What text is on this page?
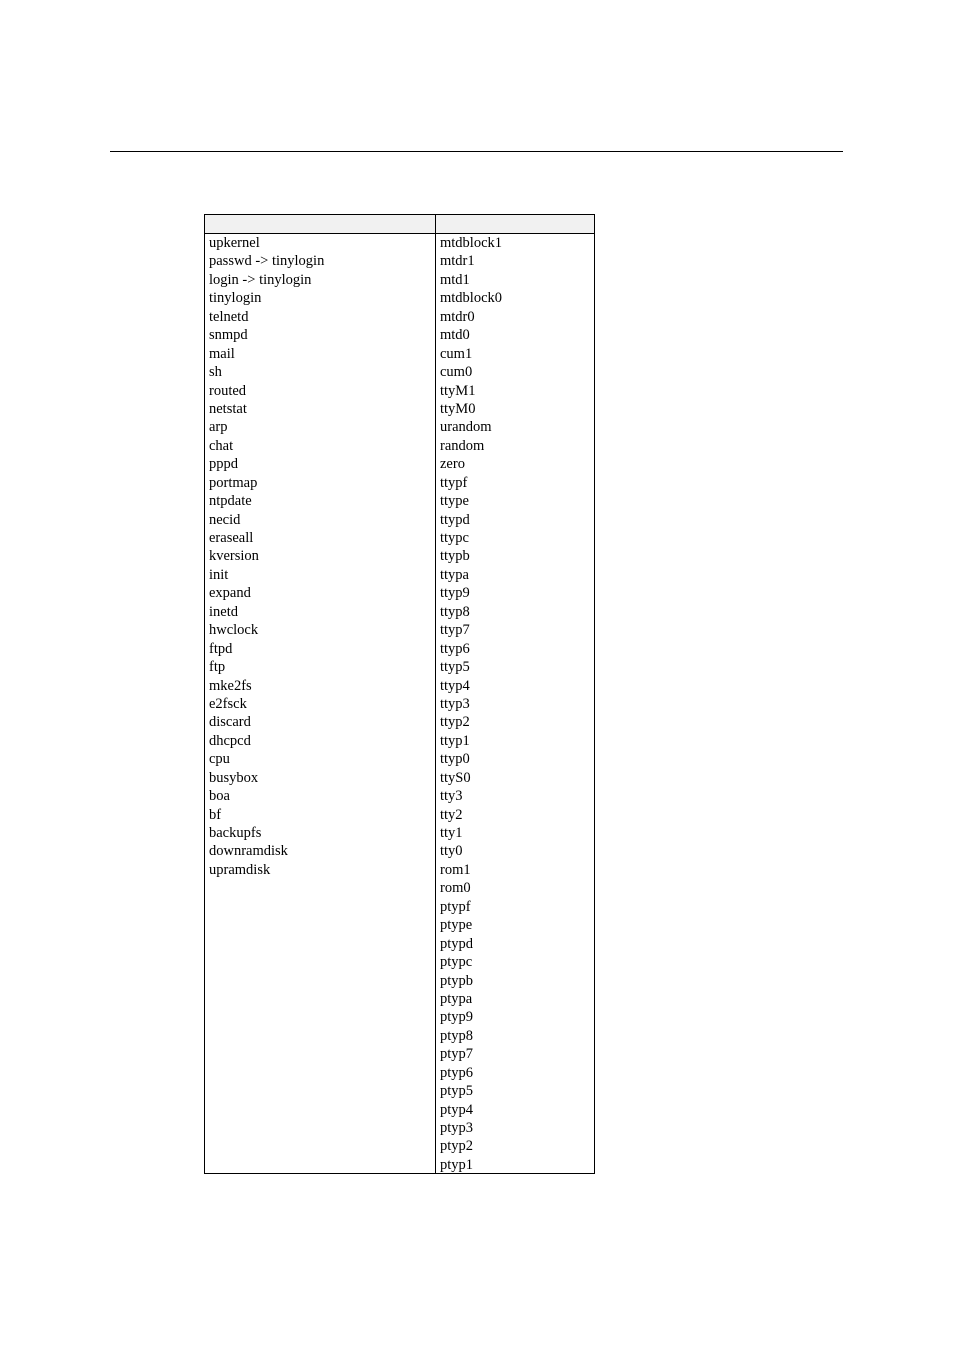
upkernel
passwd -> tinylogin
login -> tinylogin
tinylogin
telnetd
snmpd
mail
sh
routed
netstat
arp
chat
pppd
portmap
ntpdate
necid
eraseall
kversion
init
expand
inetd
hwclock
ftpd
ftp
mke2fs
e2fsck
discard
dhcpcd
cpu
busybox
boa
bf
backupfs
downramdisk
upramdisk
mtdblock1
mtdr1
mtd1
mtdblock0
mtdr0
mtd0
cum1
cum0
ttyM1
ttyM0
urandom
random
zero
ttypf
ttype
ttypd
ttypc
ttypb
ttypa
ttyp9
ttyp8
ttyp7
ttyp6
ttyp5
ttyp4
ttyp3
ttyp2
ttyp1
ttyp0
ttyS0
tty3
tty2
tty1
tty0
rom1
rom0
ptypf
ptype
ptypd
ptypc
ptypb
ptypa
ptyp9
ptyp8
ptyp7
ptyp6
ptyp5
ptyp4
ptyp3
ptyp2
ptyp1
